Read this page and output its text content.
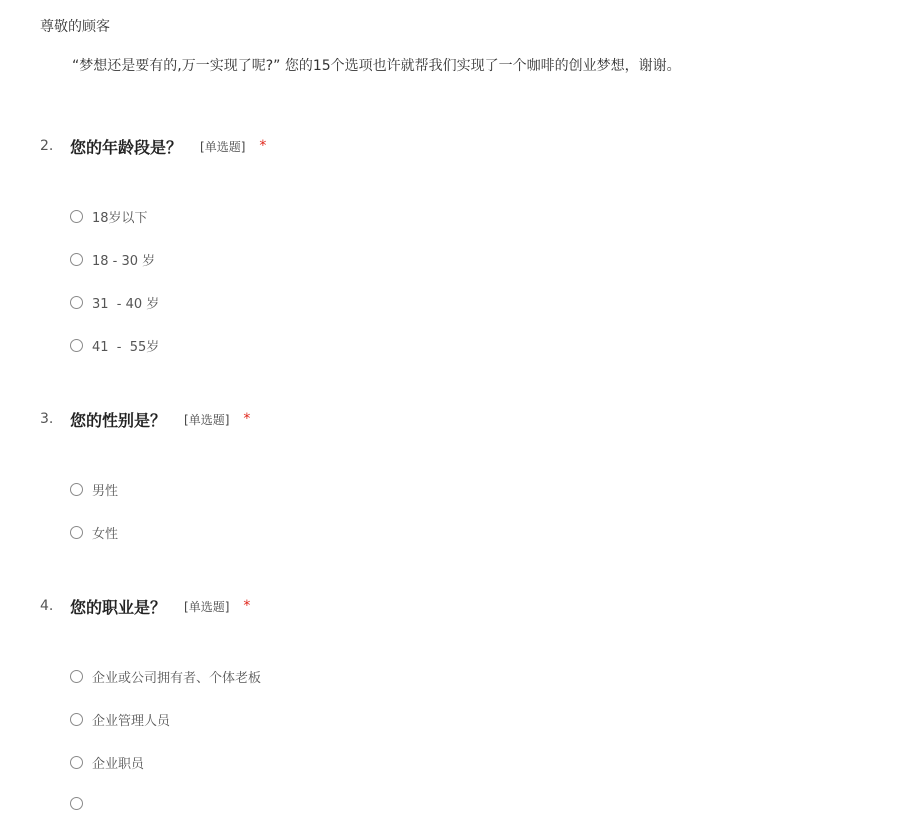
尊敬的顾客
“梦想还是要有的,万一实现了呢?” 您的15个选项也许就帮我们实现了一个咖啡的创业梦想，谢谢。
2.	您的年龄段是？ [单选题] *
18岁以下
18 - 30 岁
31  - 40 岁
41  -  55岁
3.	您的性别是？ [单选题] *
男性
女性
4.	您的职业是？ [单选题] *
企业或公司拥有者、个体老板
企业管理人员
企业职员
